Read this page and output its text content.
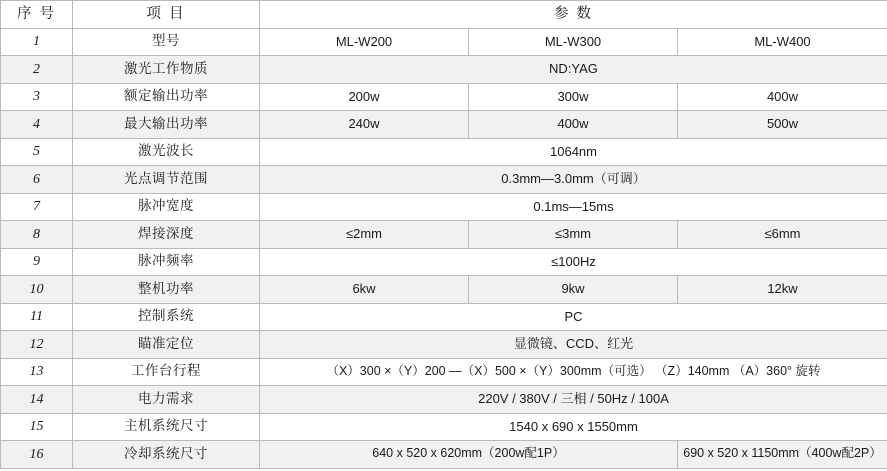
序 号	项 目	参 数		
1	型号	ML-W200	ML-W300	ML-W400
2	激光工作物质	ND:YAG		
3	额定输出功率	200w	300w	400w
4	最大输出功率	240w	400w	500w
5	激光波长	1064nm		
6	光点调节范围	0.3mm—3.0mm（可调）		
7	脉冲宽度	0.1ms—15ms		
8	焊接深度	≤2mm	≤3mm	≤6mm
9	脉冲频率	≤100Hz		
10	整机功率	6kw	9kw	12kw
11	控制系统	PC		
12	瞄准定位	显微镜、CCD、红光		
13	工作台行程	（X）300 ×（Y）200 —（X）500 ×（Y）300mm（可选） （Z）140mm （A）360° 旋转		
14	电力需求	220V / 380V / 三相 / 50Hz / 100A		
15	主机系统尺寸	1540 x 690 x 1550mm		
16	冷却系统尺寸	640 x 520 x 620mm（200w配1P）		690 x 520 x 1150mm（400w配2P）
